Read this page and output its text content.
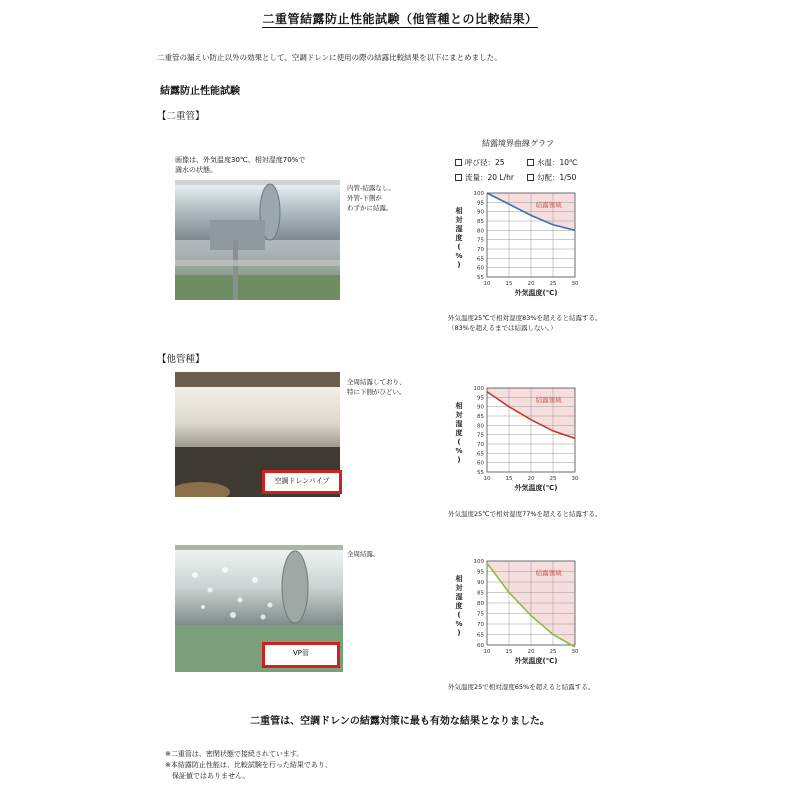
二重管結露防止性能試験（他管種との比較結果）
二重管の漏えい防止以外の効果として、空調ドレンに使用の際の結露比較結果を以下にまとめました。
結露防止性能試験
【二重管】
結露境界曲線グラフ
呼び径：25	水温：10℃
流量：20 L/hr	勾配：1/50
画像は、外気温度30℃、相対湿度70%で
満水の状態。
内管-結露なし。
外管-下側が
わずかに結露。
10	15	20	25	30
55
60
65
70
75
80
85
90
95
100
外気温度(℃)
相
対
湿
度
(
%
)
結露領域
外気温度25℃で相対湿度83%を超えると結露する。
（83%を超えるまでは結露しない。）
【他管種】
空調ドレンパイプ
全周結露しており、
特に下側がひどい。
10	15	20	25	30
55
60
65
70
75
80
85
90
95
100
外気温度(℃)
相
対
湿
度
(
%
)
結露領域
外気温度25℃で相対湿度77%を超えると結露する。
VP管
全周結露。
10	15	20	25	30
60
65
70
75
80
85
90
95
100
外気温度(℃)
相
対
湿
度
(
%
)
結露領域
外気温度25で相対湿度65%を超えると結露する。
二重管は、空調ドレンの結露対策に最も有効な結果となりました。
※二重管は、密閉状態で接続されています。
※本結露防止性能は、比較試験を行った結果であり、
　保証値ではありません。
